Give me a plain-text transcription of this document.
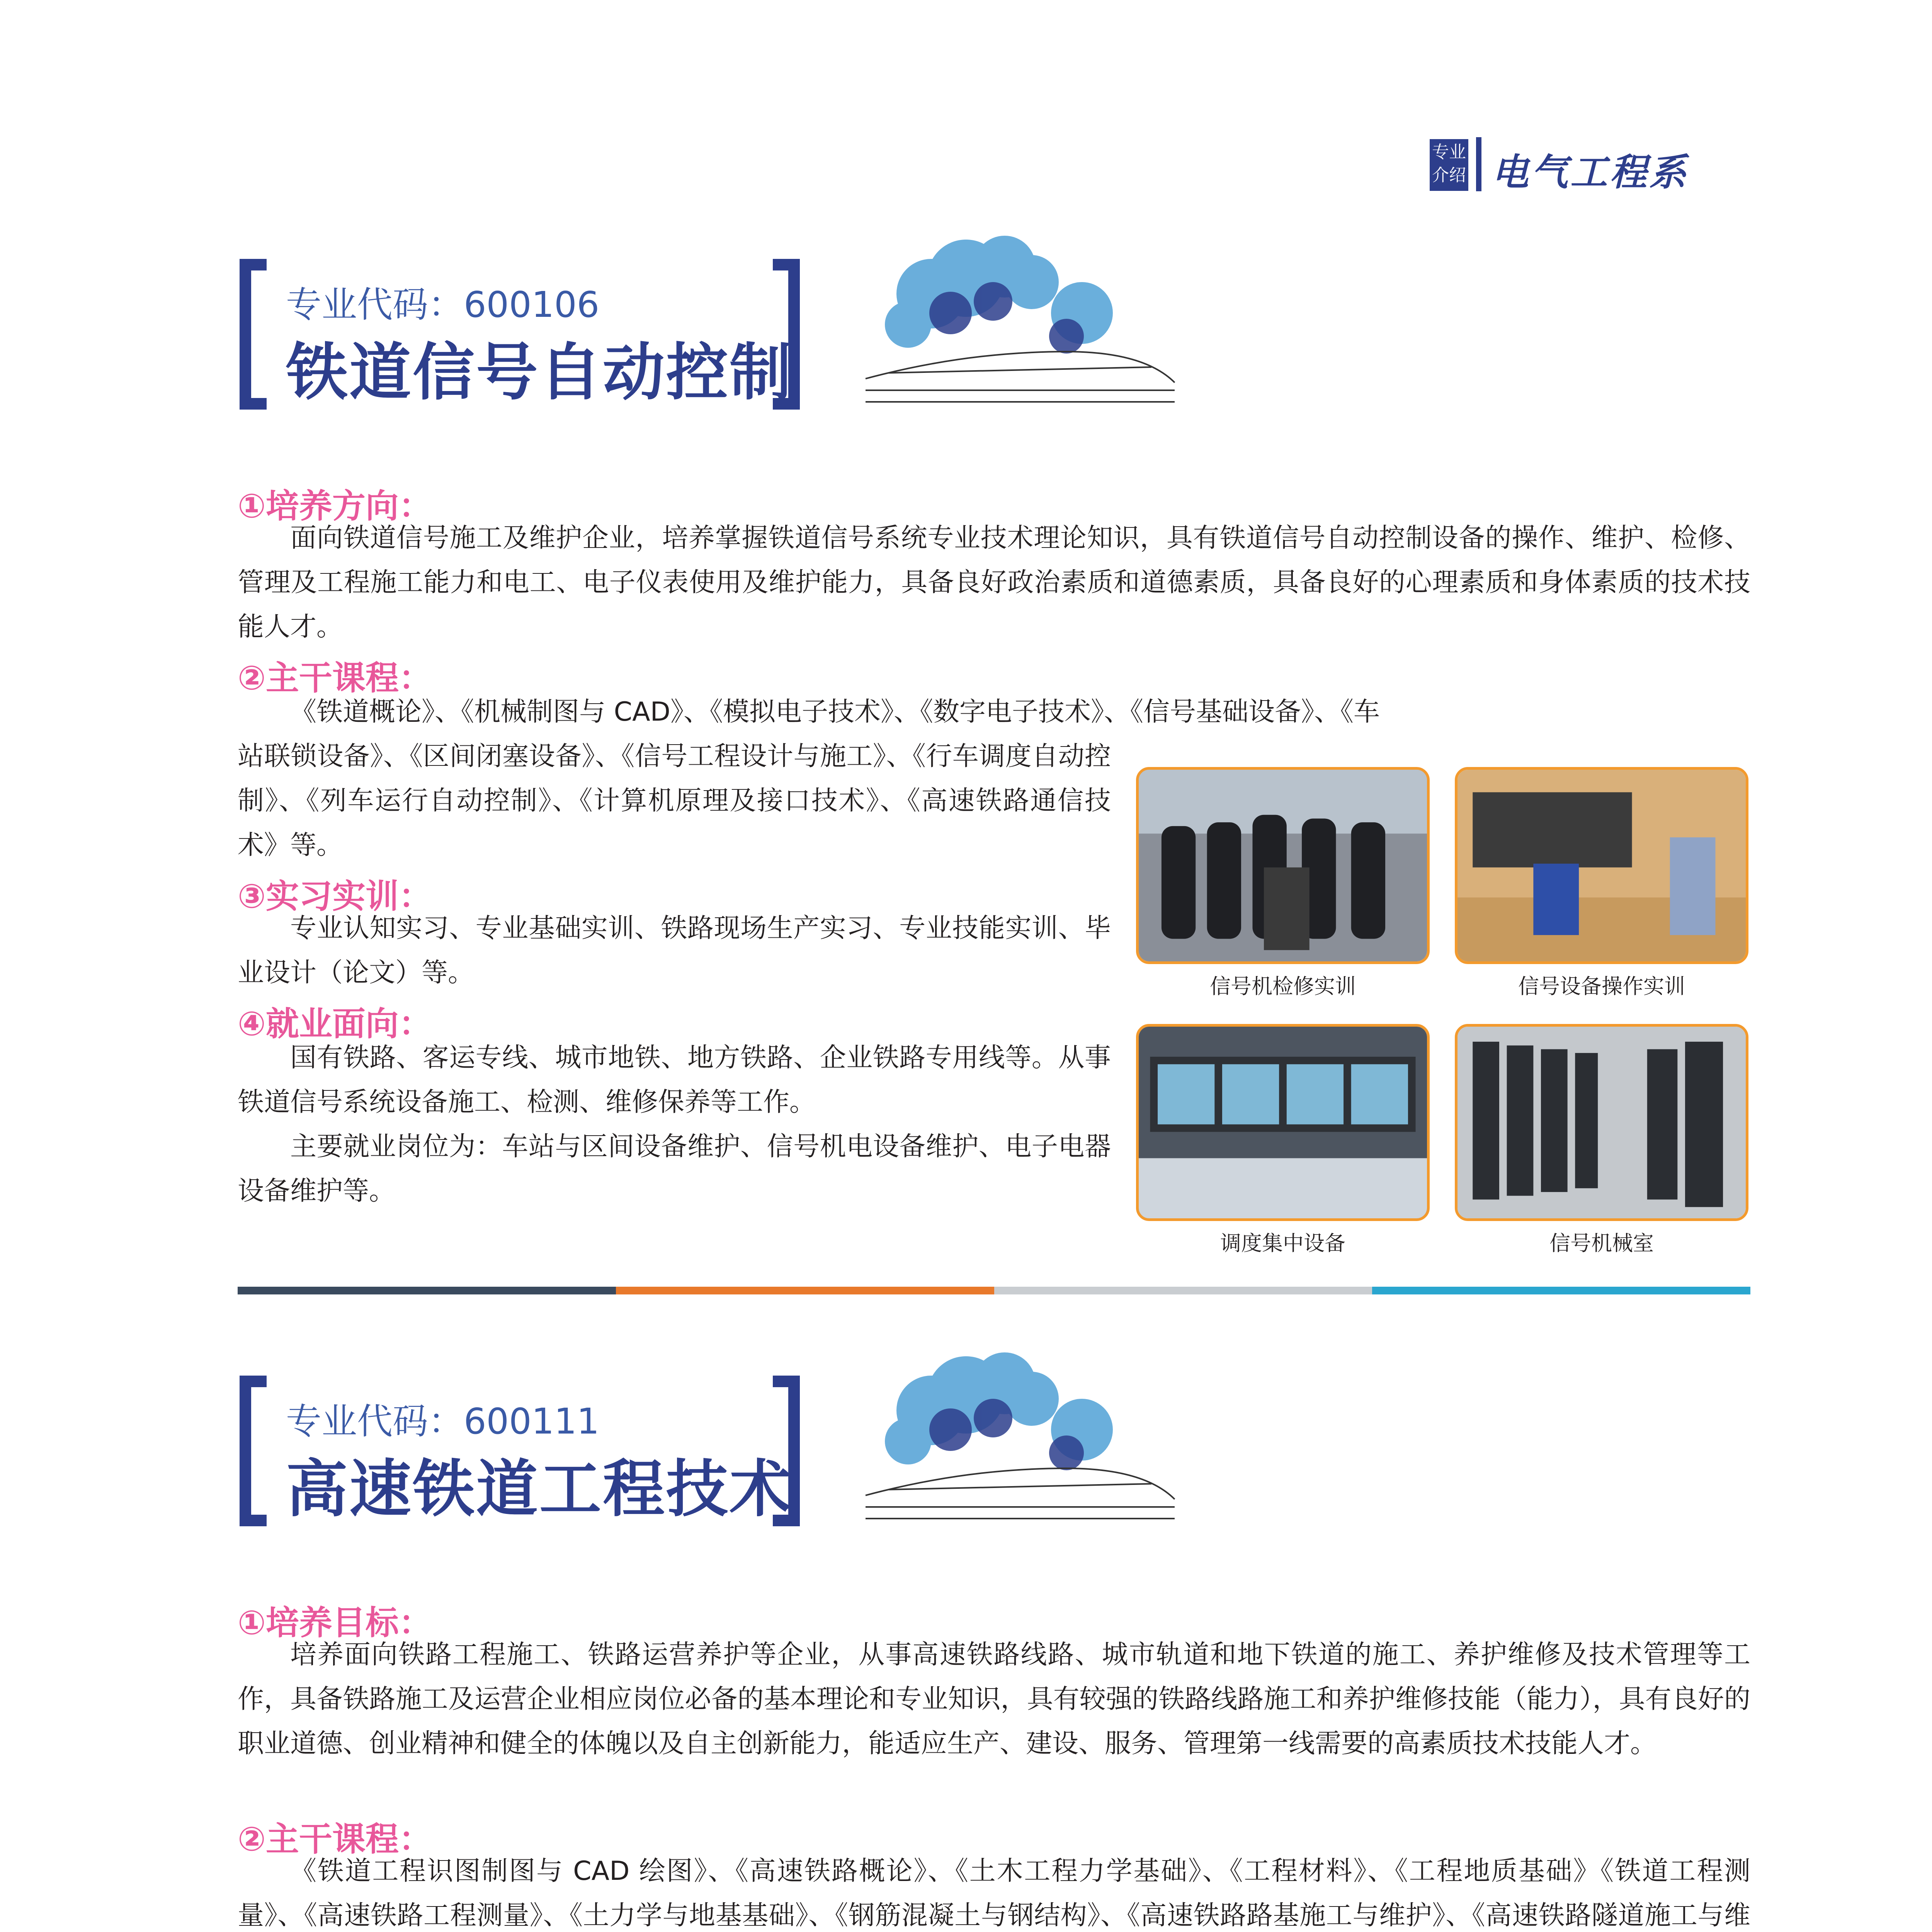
专业
介绍 电气工程系
专业代码：600106
铁道信号自动控制
①培养方向：
面向铁道信号施工及维护企业，培养掌握铁道信号系统专业技术理论知识，具有铁道信号自动控制设备的操作、维护、检修、管理及工程施工能力和电工、电子仪表使用及维护能力，具备良好政治素质和道德素质，具备良好的心理素质和身体素质的技术技能人才。
②主干课程：
《铁道概论》、《机械制图与 CAD》、《模拟电子技术》、《数字电子技术》、《信号基础设备》、《车
站联锁设备》、《区间闭塞设备》、《信号工程设计与施工》、《行车调度自动控制》、《列车运行自动控制》、《计算机原理及接口技术》、《高速铁路通信技术》等。
③实习实训：
专业认知实习、专业基础实训、铁路现场生产实习、专业技能实训、毕业设计（论文）等。
④就业面向：
国有铁路、客运专线、城市地铁、地方铁路、企业铁路专用线等。从事铁道信号系统设备施工、检测、维修保养等工作。
主要就业岗位为：车站与区间设备维护、信号机电设备维护、电子电器设备维护等。
信号机检修实训	信号设备操作实训
调度集中设备	信号机械室
专业代码：600111
高速铁道工程技术
①培养目标：
培养面向铁路工程施工、铁路运营养护等企业，从事高速铁路线路、城市轨道和地下铁道的施工、养护维修及技术管理等工作，具备铁路施工及运营企业相应岗位必备的基本理论和专业知识，具有较强的铁路线路施工和养护维修技能（能力），具有良好的职业道德、创业精神和健全的体魄以及自主创新能力，能适应生产、建设、服务、管理第一线需要的高素质技术技能人才。
②主干课程：
《铁道工程识图制图与 CAD 绘图》、《高速铁路概论》、《土木工程力学基础》、《工程材料》、《工程地质基础》《铁道工程测量》、《高速铁路工程测量》、《土力学与地基基础》、《钢筋混凝土与钢结构》、《高速铁路路基施工与维护》、《高速铁路隧道施工与维
